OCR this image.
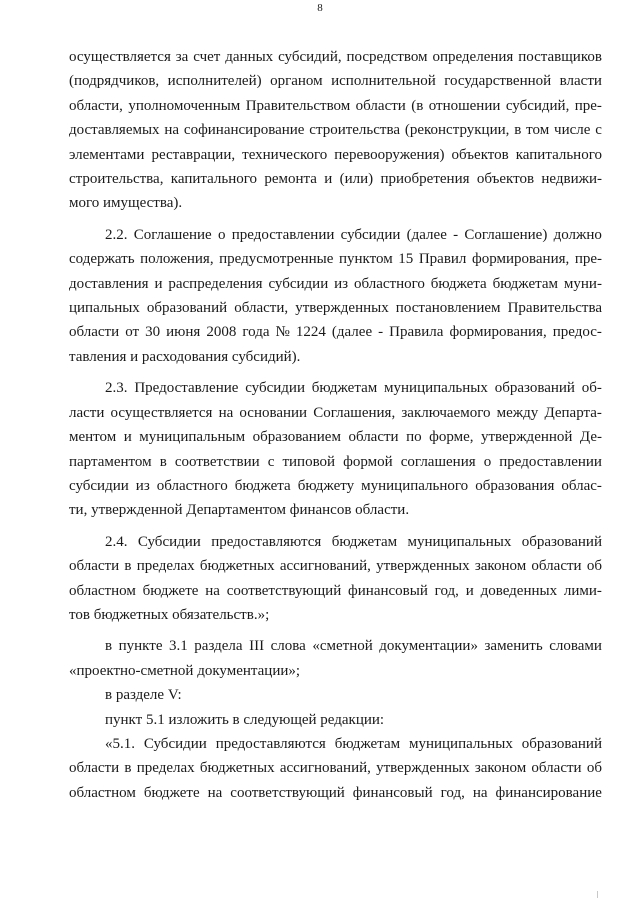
8
осуществляется за счет данных субсидий, посредством определения поставщиков
(подрядчиков, исполнителей) органом исполнительной государственной власти
области, уполномоченным Правительством области (в отношении субсидий, пре-
доставляемых на софинансирование строительства (реконструкции, в том числе с
элементами реставрации, технического перевооружения) объектов капитального
строительства, капитального ремонта и (или) приобретения объектов недвижи-
мого имущества).
2.2. Соглашение о предоставлении субсидии (далее - Соглашение) должно
содержать положения, предусмотренные пунктом 15 Правил формирования, пре-
доставления и распределения субсидии из областного бюджета бюджетам муни-
ципальных образований области, утвержденных постановлением Правительства
области от 30 июня 2008 года № 1224 (далее - Правила формирования, предос-
тавления и расходования субсидий).
2.3. Предоставление субсидии бюджетам муниципальных образований об-
ласти осуществляется на основании Соглашения, заключаемого между Департа-
ментом и муниципальным образованием области по форме, утвержденной Де-
партаментом в соответствии с типовой формой соглашения о предоставлении
субсидии из областного бюджета бюджету муниципального образования облас-
ти, утвержденной Департаментом финансов области.
2.4. Субсидии предоставляются бюджетам муниципальных образований
области в пределах бюджетных ассигнований, утвержденных законом области об
областном бюджете на соответствующий финансовый год, и доведенных лими-
тов бюджетных обязательств.»;
в пункте 3.1 раздела III слова «сметной документации» заменить словами
«проектно-сметной документации»;
в разделе V:
пункт 5.1 изложить в следующей редакции:
«5.1. Субсидии предоставляются бюджетам муниципальных образований
области в пределах бюджетных ассигнований, утвержденных законом области об
областном бюджете на соответствующий финансовый год, на финансирование
